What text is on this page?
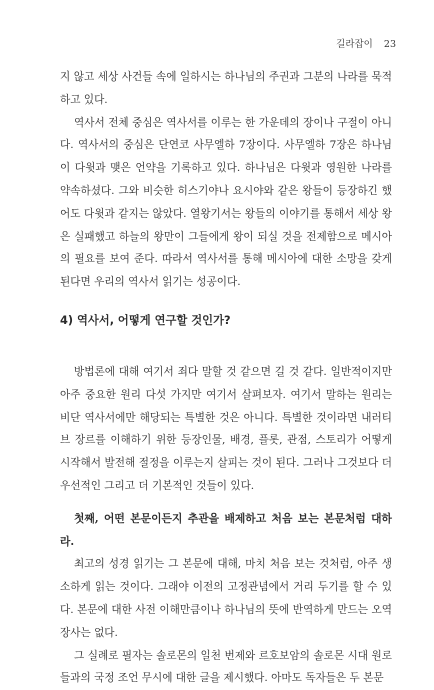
길라잡이 23

지 않고 세상 사건들 속에 일하시는 하나님의 주권과 그분의 나라를 묵적하고 있다.

역사서 전체 중심은 역사서를 이루는 한 가운데의 장이나 구절이 아니다. 역사서의 중심은 단연코 사무엘하 7장이다. 사무엘하 7장은 하나님이 다윗과 맺은 언약을 기록하고 있다. 하나님은 다윗과 영원한 나라를 약속하셨다. 그와 비슷한 히스기야나 요시야와 같은 왕들이 등장하긴 했어도 다윗과 같지는 않았다. 열왕기서는 왕들의 이야기를 통해서 세상 왕은 실패했고 하늘의 왕만이 그들에게 왕이 되실 것을 전제함으로 메시아의 필요를 보여 준다. 따라서 역사서를 통해 메시아에 대한 소망을 갖게 된다면 우리의 역사서 읽기는 성공이다.

4) 역사서, 어떻게 연구할 것인가?

방법론에 대해 여기서 죄다 말할 것 같으면 길 것 같다. 일반적이지만 아주 중요한 원리 다섯 가지만 여기서 살펴보자. 여기서 말하는 원리는 비단 역사서에만 해당되는 특별한 것은 아니다. 특별한 것이라면 내러티브 장르를 이해하기 위한 등장인물, 배경, 플롯, 관점, 스토리가 어떻게 시작해서 발전해 절정을 이루는지 살피는 것이 된다. 그러나 그것보다 더 우선적인 그리고 더 기본적인 것들이 있다.

첫째, 어떤 본문이든지 추관을 배제하고 처음 보는 본문처럼 대하라.

최고의 성경 읽기는 그 본문에 대해, 마치 처음 보는 것처럼, 아주 생소하게 읽는 것이다. 그래야 이전의 고정관념에서 거리 두기를 할 수 있다. 본문에 대한 사전 이해만큼이나 하나님의 뜻에 반역하게 만드는 오역 장사는 없다.

그 실례로 필자는 솔로몬의 일천 번제와 르호보암의 솔로몬 시대 원로들과의 국정 조언 무시에 대한 글을 제시했다. 아마도 독자들은 두 본문
